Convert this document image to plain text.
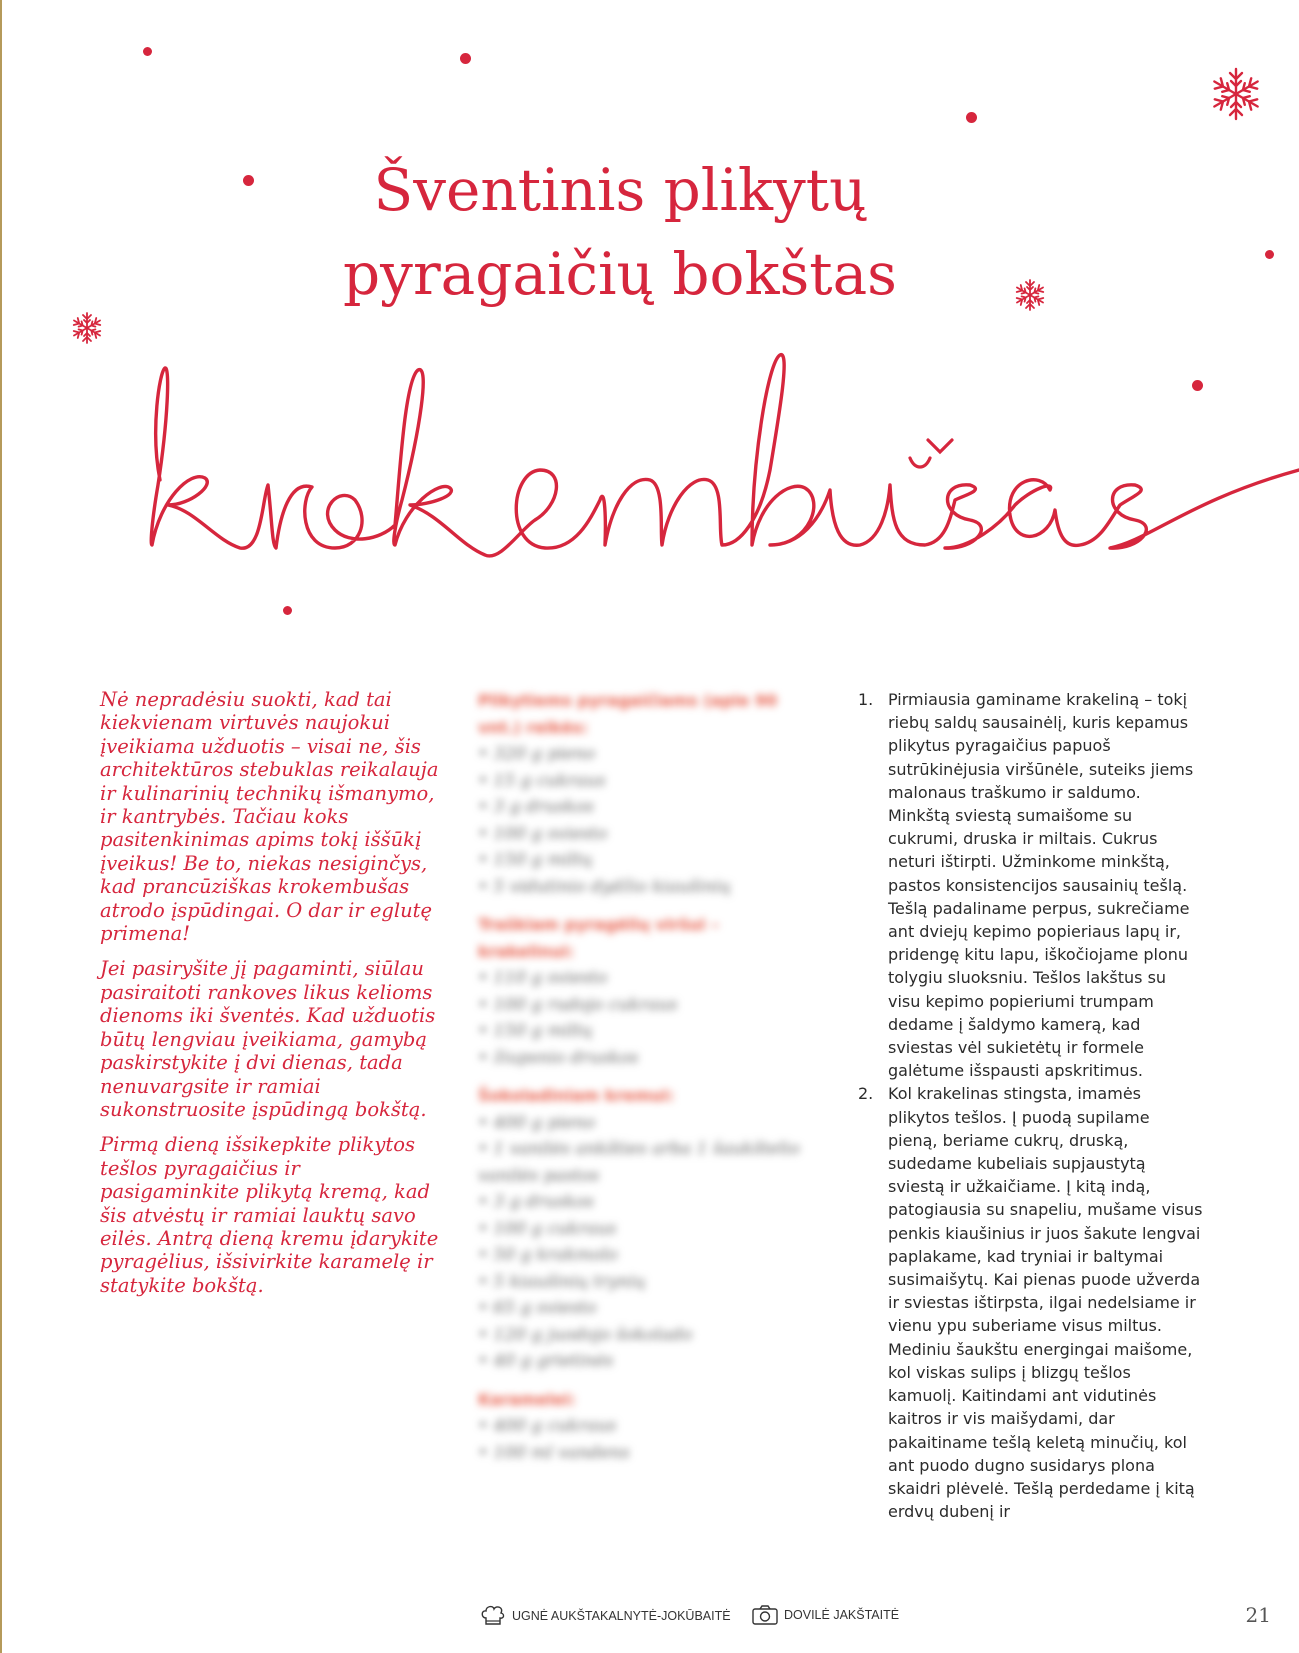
Šventinis plikytų
pyragaičių bokštas

Nė nepradėsiu suokti, kad tai kiekvienam virtuvės naujokui įveikiama užduotis – visai ne, šis architektūros stebuklas reikalauja ir kulinarinių technikų išmanymo, ir kantrybės. Tačiau koks pasitenkinimas apims tokį iššūkį įveikus! Be to, niekas nesiginčys, kad prancūziškas krokembušas atrodo įspūdingai. O dar ir eglutę primena!

Jei pasiryšite jį pagaminti, siūlau pasiraitoti rankoves likus kelioms dienoms iki šventės. Kad užduotis būtų lengviau įveikiama, gamybą paskirstykite į dvi dienas, tada nenuvargsite ir ramiai sukonstruosite įspūdingą bokštą.

Pirmą dieną išsikepkite plikytos tešlos pyragaičius ir pasigaminkite plikytą kremą, kad šis atvėstų ir ramiai lauktų savo eilės. Antrą dieną kremu įdarykite pyragėlius, išsivirkite karamelę ir statykite bokštą.

Plikytiems pyragaičiams (apie 90 vnt.) reikės:
• 320 g pieno
• 15 g cukraus
• 3 g druskos
• 100 g sviesto
• 150 g miltų
• 5 vidutinio dydžio kiaušinių
Traškiam pyragėlių viršui – krakelinui:
• 110 g sviesto
• 100 g rudojo cukraus
• 150 g miltų
• žiupsnio druskos
Šokoladiniam kremui:
• 400 g pieno
• 1 vanilės ankšties arba 1 šaukštelio vanilės pastos
• 3 g druskos
• 100 g cukraus
• 50 g krakmolo
• 5 kiaušinių trynių
• 65 g sviesto
• 120 g juodojo šokolado
• 40 g grietinės
Karamelei:
• 400 g cukraus
• 100 ml vandens
1. Pirmiausia gaminame krakeliną – tokį riebų saldų sausainėlį, kuris kepamus plikytus pyragaičius papuoš sutrūkinėjusia viršūnėle, suteiks jiems malonaus traškumo ir saldumo. Minkštą sviestą sumaišome su cukrumi, druska ir miltais. Cukrus neturi ištirpti. Užminkome minkštą, pastos konsistencijos sausainių tešlą. Tešlą padaliname perpus, sukrečiame ant dviejų kepimo popieriaus lapų ir, pridengę kitu lapu, iškočiojame plonu tolygiu sluoksniu. Tešlos lakštus su visu kepimo popieriumi trumpam dedame į šaldymo kamerą, kad sviestas vėl sukietėtų ir formele galėtume išspausti apskritimus.
2. Kol krakelinas stingsta, imamės plikytos tešlos. Į puodą supilame pieną, beriame cukrų, druską, sudedame kubeliais supjaustytą sviestą ir užkaičiame. Į kitą indą, patogiausia su snapeliu, mušame visus penkis kiaušinius ir juos šakute lengvai paplakame, kad tryniai ir baltymai susimaišytų. Kai pienas puode užverda ir sviestas ištirpsta, ilgai nedelsiame ir vienu ypu suberiame visus miltus. Mediniu šaukštu energingai maišome, kol viskas sulips į blizgų tešlos kamuolį. Kaitindami ant vidutinės kaitros ir vis maišydami, dar pakaitiname tešlą keletą minučių, kol ant puodo dugno susidarys plona skaidri plėvelė. Tešlą perdedame į kitą erdvų dubenį ir
UGNĖ AUKŠTAKALNYTĖ-JOKŪBAITĖ	DOVILĖ JAKŠTAITĖ	21
